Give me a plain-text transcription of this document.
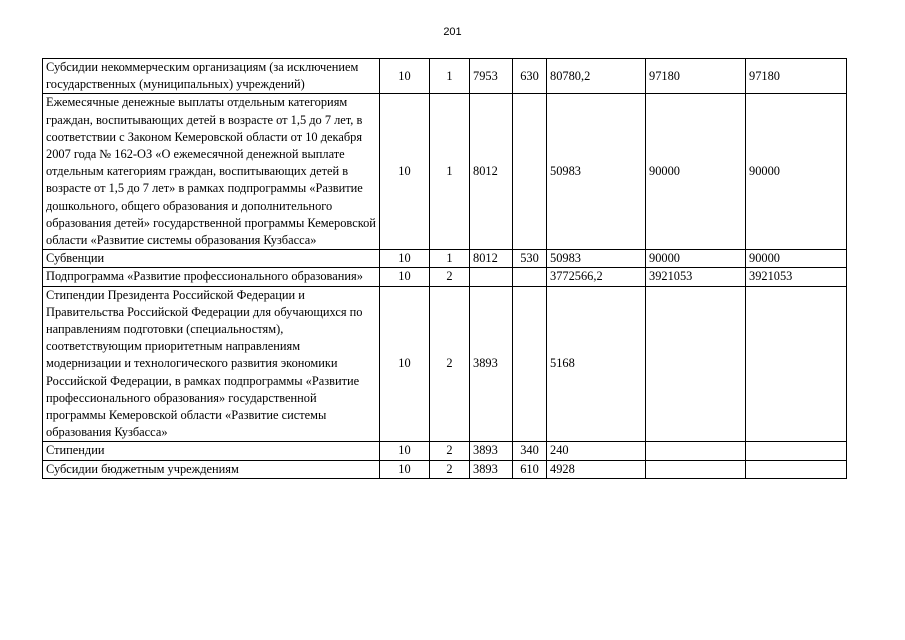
201
Субсидии некоммерческим организациям (за исключением государственных (муниципальных) учреждений)	10	1	7953	630	80780,2	97180	97180
Ежемесячные денежные выплаты отдельным категориям граждан, воспитывающих детей в возрасте от 1,5 до 7 лет, в соответствии с Законом Кемеровской области от 10 декабря 2007 года № 162-ОЗ «О ежемесячной денежной выплате отдельным категориям граждан, воспитывающих детей в возрасте от 1,5 до 7 лет» в рамках подпрограммы «Развитие дошкольного, общего образования и дополнительного образования детей» государственной программы Кемеровской области «Развитие системы образования Кузбасса»	10	1	8012		50983	90000	90000
Субвенции	10	1	8012	530	50983	90000	90000
Подпрограмма «Развитие профессионального образования»	10	2			3772566,2	3921053	3921053
Стипендии Президента Российской Федерации и Правительства Российской Федерации для обучающихся по направлениям подготовки (специальностям), соответствующим приоритетным направлениям модернизации и технологического развития экономики Российской Федерации, в рамках подпрограммы «Развитие профессионального образования» государственной программы Кемеровской области «Развитие системы образования Кузбасса»	10	2	3893		5168		
Стипендии	10	2	3893	340	240		
Субсидии бюджетным учреждениям	10	2	3893	610	4928		
